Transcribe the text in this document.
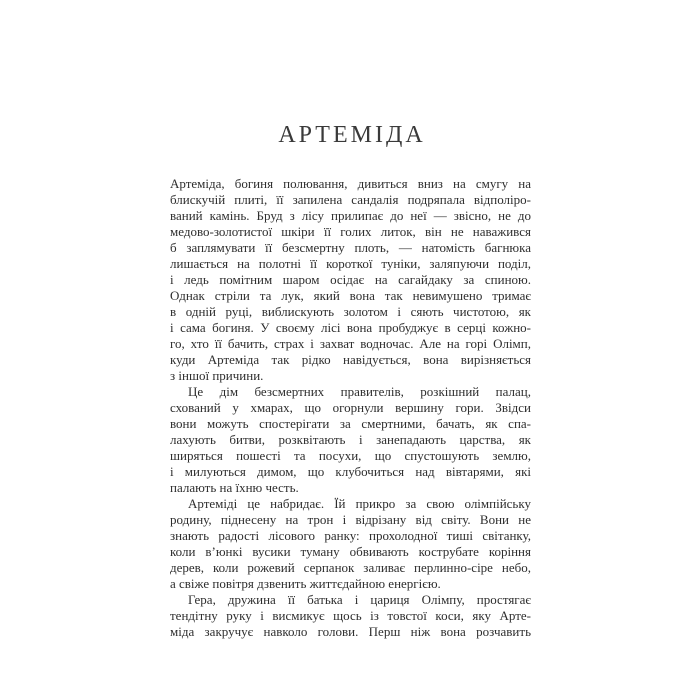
АРТЕМІДА
Артеміда, богиня полювання, дивиться вниз на смугу на
блискучій плиті, її запилена сандалія подряпала відполіро-
ваний камінь. Бруд з лісу прилипає до неї — звісно, не до
медово-золотистої шкіри її голих литок, він не наважився
б заплямувати її безсмертну плоть, — натомість багнюка
лишається на полотні її короткої туніки, заляпуючи поділ,
і ледь помітним шаром осідає на сагайдаку за спиною.
Однак стріли та лук, який вона так невимушено тримає
в одній руці, виблискують золотом і сяють чистотою, як
і сама богиня. У своєму лісі вона пробуджує в серці кожно-
го, хто її бачить, страх і захват водночас. Але на горі Олімп,
куди Артеміда так рідко навідується, вона вирізняється
з іншої причини.
Це дім безсмертних правителів, розкішний палац,
схований у хмарах, що огорнули вершину гори. Звідси
вони можуть спостерігати за смертними, бачать, як спа-
лахують битви, розквітають і занепадають царства, як
ширяться пошесті та посухи, що спустошують землю,
і милуються димом, що клубочиться над вівтарями, які
палають на їхню честь.
Артеміді це набридає. Їй прикро за свою олімпійську
родину, піднесену на трон і відрізану від світу. Вони не
знають радості лісового ранку: прохолодної тиші світанку,
коли в’юнкі вусики туману обвивають кострубате коріння
дерев, коли рожевий серпанок заливає перлинно-сіре небо,
а свіже повітря дзвенить життєдайною енергією.
Гера, дружина її батька і цариця Олімпу, простягає
тендітну руку і висмикує щось із товстої коси, яку Арте-
міда закручує навколо голови. Перш ніж вона розчавить
